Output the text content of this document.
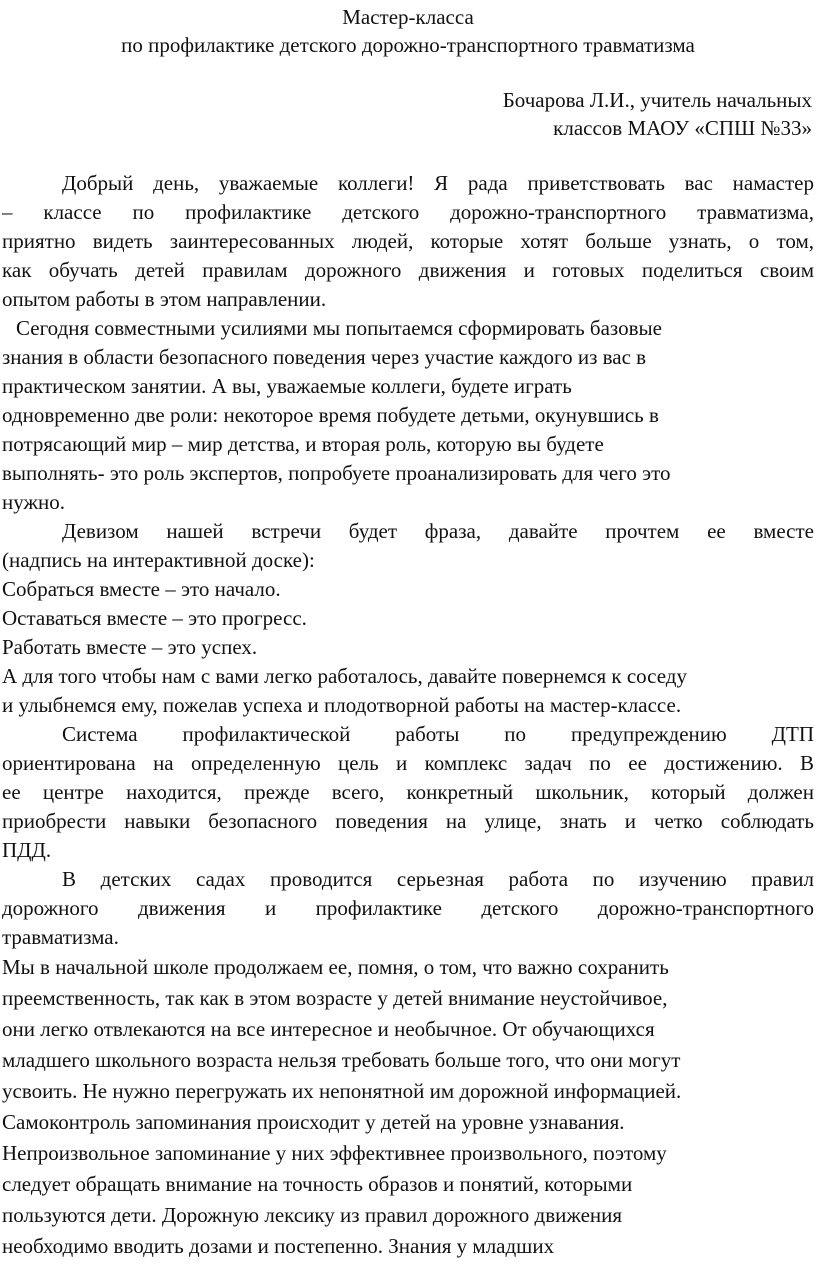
Мастер-класса
по профилактике детского дорожно-транспортного травматизма
Бочарова Л.И., учитель начальных
классов МАОУ «СПШ №33»
Добрый день, уважаемые коллеги! Я рада приветствовать вас намастер
– классе по профилактике детского дорожно-транспортного травматизма,
приятно видеть заинтересованных людей, которые хотят больше узнать, о том,
как обучать детей правилам дорожного движения и готовых поделиться своим
опытом работы в этом направлении.
Сегодня совместными усилиями мы попытаемся сформировать базовые
знания в области безопасного поведения через участие каждого из вас в
практическом занятии. А вы, уважаемые коллеги, будете играть
одновременно две роли: некоторое время побудете детьми, окунувшись в
потрясающий мир – мир детства, и вторая роль, которую вы будете
выполнять- это роль экспертов, попробуете проанализировать для чего это
нужно.
Девизом нашей встречи будет фраза, давайте прочтем ее вместе
(надпись на интерактивной доске):
Собраться вместе – это начало.
Оставаться вместе – это прогресс.
Работать вместе – это успех.
А для того чтобы нам с вами легко работалось, давайте повернемся к соседу
и улыбнемся ему, пожелав успеха и плодотворной работы на мастер-классе.
Система профилактической работы по предупреждению ДТП
ориентирована на определенную цель и комплекс задач по ее достижению. В
ее центре находится, прежде всего, конкретный школьник, который должен
приобрести навыки безопасного поведения на улице, знать и четко соблюдать
ПДД.
В детских садах проводится серьезная работа по изучению правил
дорожного движения и профилактике детского дорожно-транспортного
травматизма.
Мы в начальной школе продолжаем ее, помня, о том, что важно сохранить
преемственность, так как в этом возрасте у детей внимание неустойчивое,
они легко отвлекаются на все интересное и необычное. От обучающихся
младшего школьного возраста нельзя требовать больше того, что они могут
усвоить. Не нужно перегружать их непонятной им дорожной информацией.
Самоконтроль запоминания происходит у детей на уровне узнавания.
Непроизвольное запоминание у них эффективнее произвольного, поэтому
следует обращать внимание на точность образов и понятий, которыми
пользуются дети. Дорожную лексику из правил дорожного движения
необходимо вводить дозами и постепенно. Знания у младших
